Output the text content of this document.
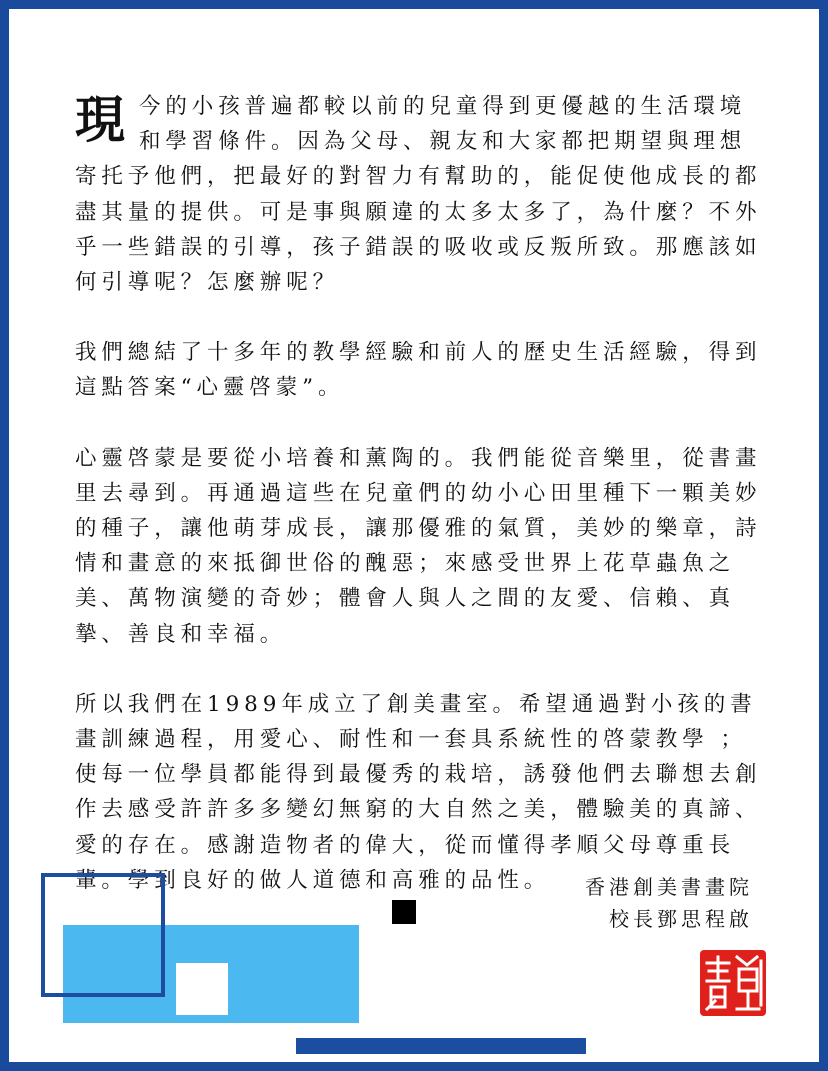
現今的小孩普遍都較以前的兒童得到更優越的生活環境和學習條件。因為父母、親友和大家都把期望與理想寄托予他們，把最好的對智力有幫助的，能促使他成長的都盡其量的提供。可是事與願違的太多太多了，為什麼？不外乎一些錯誤的引導，孩子錯誤的吸收或反叛所致。那應該如何引導呢？怎麼辦呢？

我們總結了十多年的教學經驗和前人的歷史生活經驗，得到這點答案“心靈啓蒙”。

心靈啓蒙是要從小培養和薰陶的。我們能從音樂里，從書畫里去尋到。再通過這些在兒童們的幼小心田里種下一顆美妙的種子，讓他萌芽成長，讓那優雅的氣質，美妙的樂章，詩情和畫意的來抵御世俗的醜惡；來感受世界上花草蟲魚之美、萬物演變的奇妙；體會人與人之間的友愛、信賴、真摯、善良和幸福。

所以我們在1989年成立了創美畫室。希望通過對小孩的書畫訓練過程，用愛心、耐性和一套具系統性的啓蒙教學 ；使每一位學員都能得到最優秀的栽培，誘發他們去聯想去創作去感受許許多多變幻無窮的大自然之美，體驗美的真諦、愛的存在。感謝造物者的偉大，從而懂得孝順父母尊重長輩。學到良好的做人道德和高雅的品性。	香港創美書畫院
校長鄧思程啟
